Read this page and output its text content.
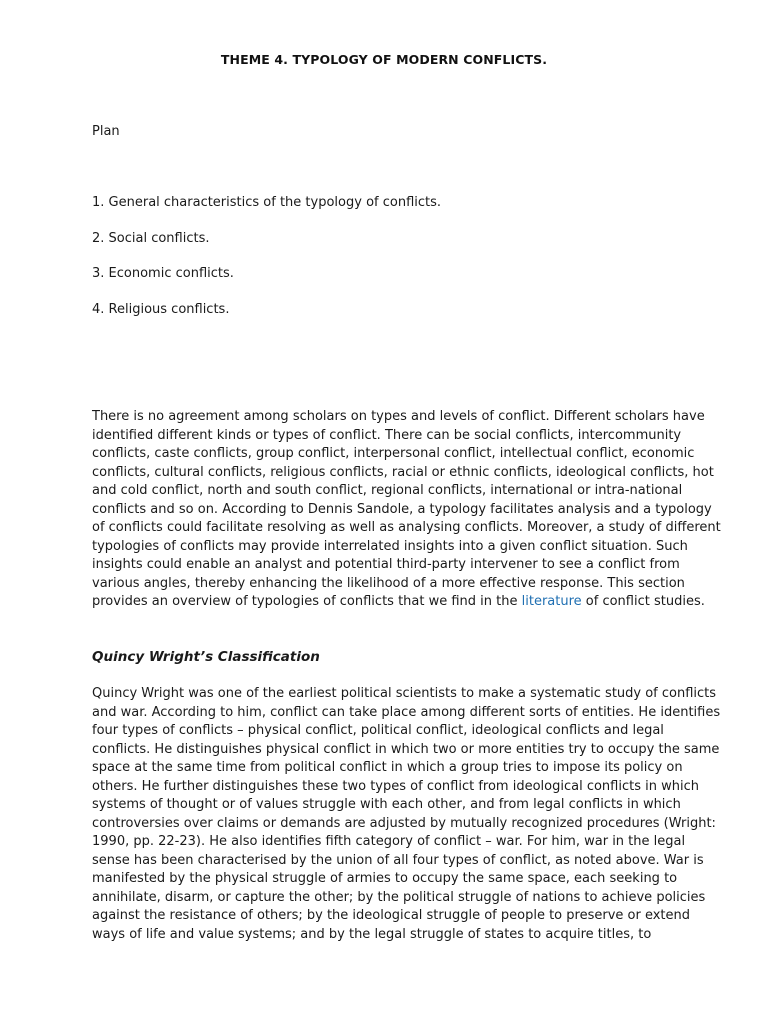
THEME 4. TYPOLOGY OF MODERN CONFLICTS.
Plan
1. General characteristics of the typology of conflicts.
2. Social conflicts.
3. Economic conflicts.
4. Religious conflicts.

There is no agreement among scholars on types and levels of conflict. Different scholars have identified different kinds or types of conflict. There can be social conflicts, intercommunity conflicts, caste conflicts, group conflict, interpersonal conflict, intellectual conflict, economic conflicts, cultural conflicts, religious conflicts, racial or ethnic conflicts, ideological conflicts, hot and cold conflict, north and south conflict, regional conflicts, international or intra-national conflicts and so on. According to Dennis Sandole, a typology facilitates analysis and a typology of conflicts could facilitate resolving as well as analysing conflicts. Moreover, a study of different typologies of conflicts may provide interrelated insights into a given conflict situation. Such insights could enable an analyst and potential third-party intervener to see a conflict from various angles, thereby enhancing the likelihood of a more effective response. This section provides an overview of typologies of conflicts that we find in the literature of conflict studies.

Quincy Wright’s Classification

Quincy Wright was one of the earliest political scientists to make a systematic study of conflicts and war. According to him, conflict can take place among different sorts of entities. He identifies four types of conflicts – physical conflict, political conflict, ideological conflicts and legal conflicts. He distinguishes physical conflict in which two or more entities try to occupy the same space at the same time from political conflict in which a group tries to impose its policy on others. He further distinguishes these two types of conflict from ideological conflicts in which systems of thought or of values struggle with each other, and from legal conflicts in which controversies over claims or demands are adjusted by mutually recognized procedures (Wright: 1990, pp. 22-23). He also identifies fifth category of conflict – war. For him, war in the legal sense has been characterised by the union of all four types of conflict, as noted above. War is manifested by the physical struggle of armies to occupy the same space, each seeking to annihilate, disarm, or capture the other; by the political struggle of nations to achieve policies against the resistance of others; by the ideological struggle of people to preserve or extend ways of life and value systems; and by the legal struggle of states to acquire titles, to
